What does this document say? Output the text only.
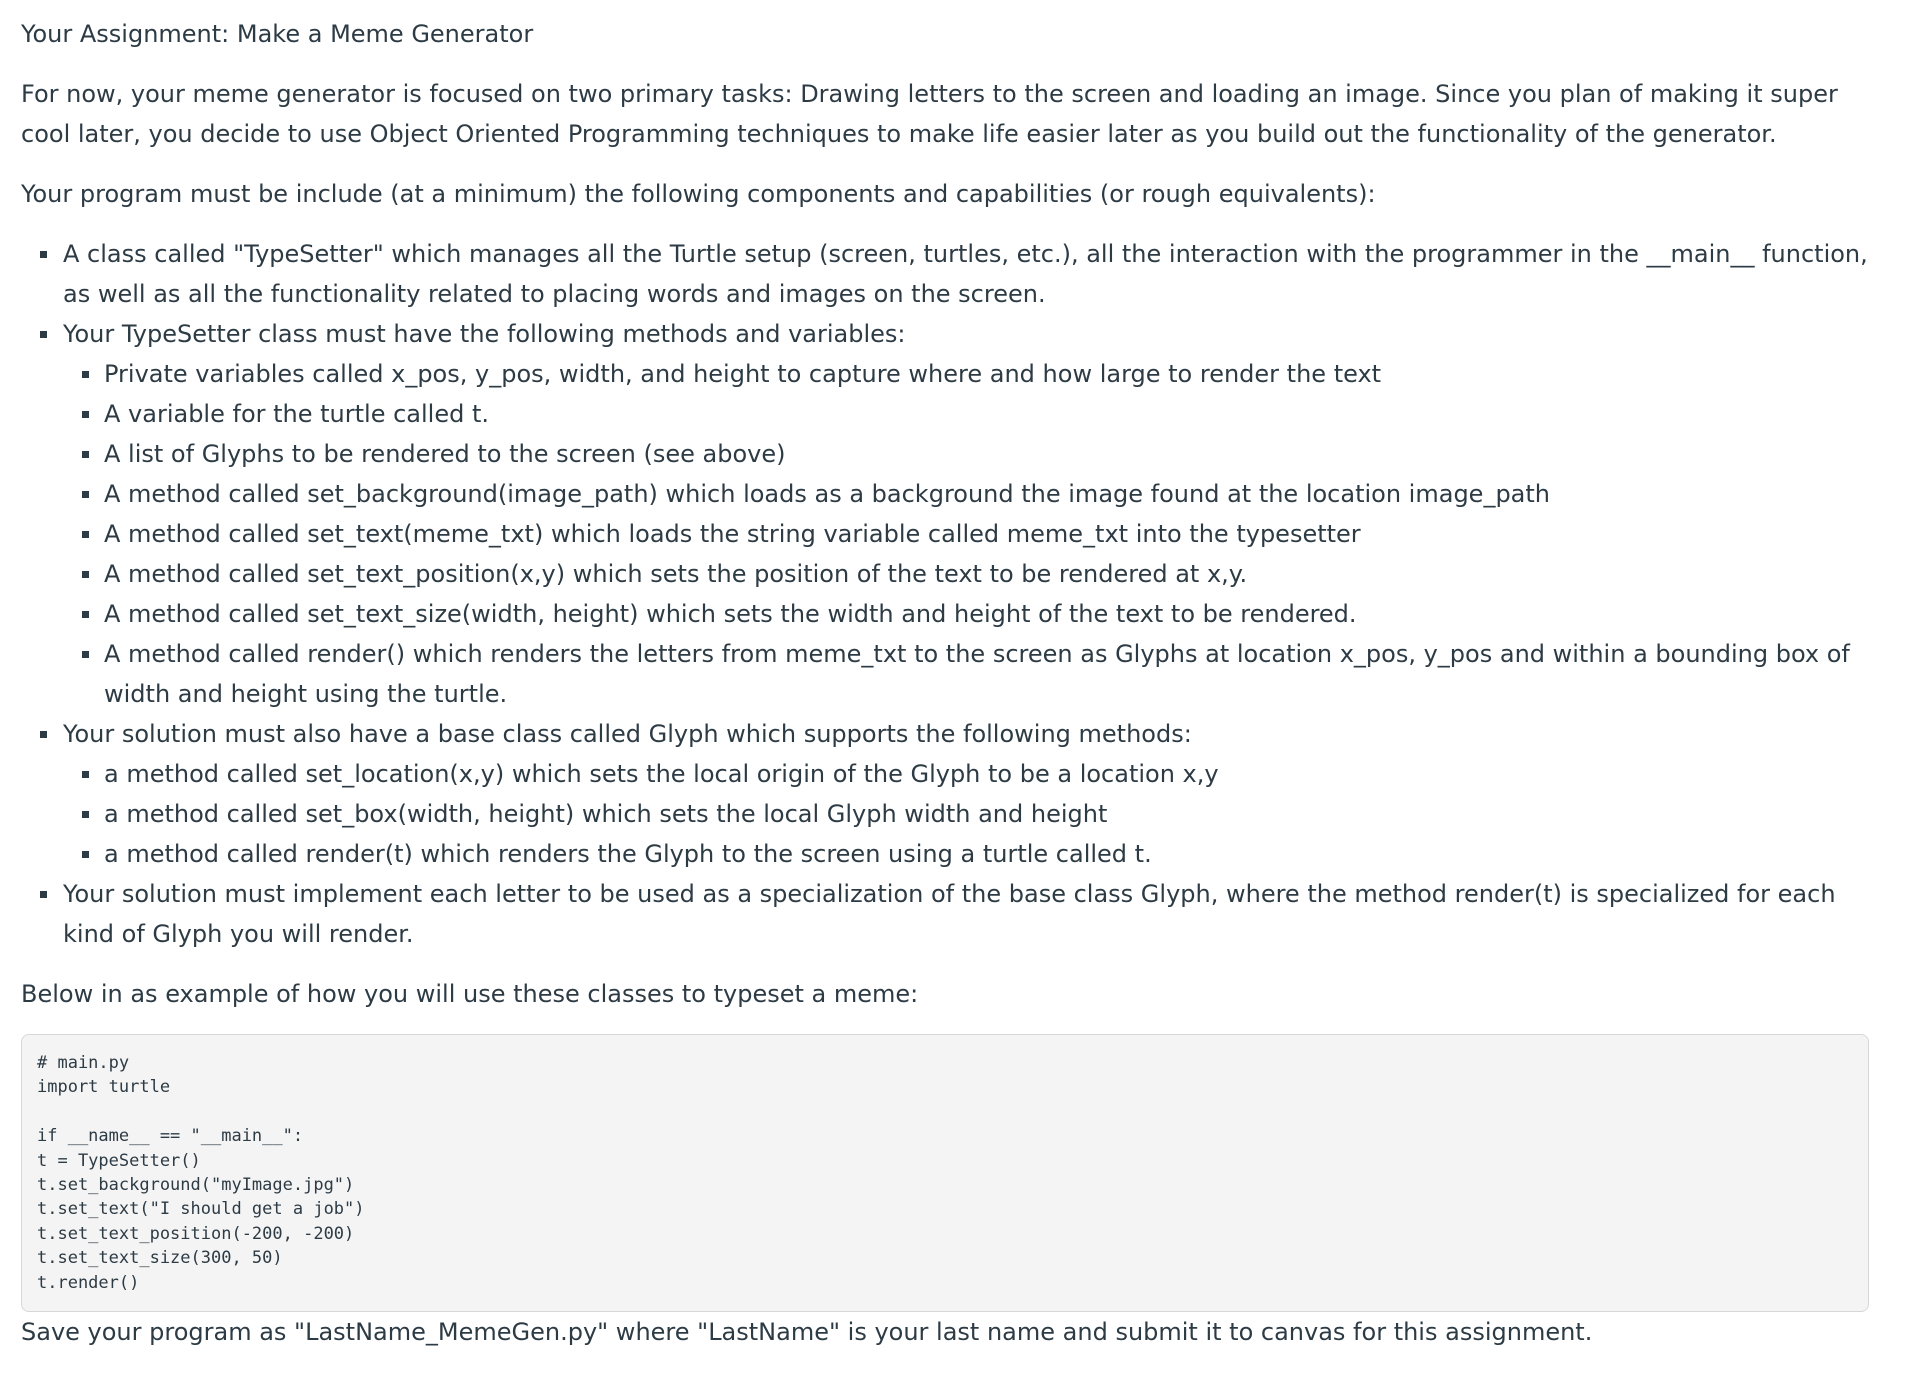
Your Assignment: Make a Meme Generator

For now, your meme generator is focused on two primary tasks: Drawing letters to the screen and loading an image. Since you plan of making it super cool later, you decide to use Object Oriented Programming techniques to make life easier later as you build out the functionality of the generator.

Your program must be include (at a minimum) the following components and capabilities (or rough equivalents):

A class called "TypeSetter" which manages all the Turtle setup (screen, turtles, etc.), all the interaction with the programmer in the __main__ function, as well as all the functionality related to placing words and images on the screen.
Your TypeSetter class must have the following methods and variables:
Private variables called x_pos, y_pos, width, and height to capture where and how large to render the text
A variable for the turtle called t.
A list of Glyphs to be rendered to the screen (see above)
A method called set_background(image_path) which loads as a background the image found at the location image_path
A method called set_text(meme_txt) which loads the string variable called meme_txt into the typesetter
A method called set_text_position(x,y) which sets the position of the text to be rendered at x,y.
A method called set_text_size(width, height) which sets the width and height of the text to be rendered.
A method called render() which renders the letters from meme_txt to the screen as Glyphs at location x_pos, y_pos and within a bounding box of width and height using the turtle.
Your solution must also have a base class called Glyph which supports the following methods:
a method called set_location(x,y) which sets the local origin of the Glyph to be a location x,y
a method called set_box(width, height) which sets the local Glyph width and height
a method called render(t) which renders the Glyph to the screen using a turtle called t.
Your solution must implement each letter to be used as a specialization of the base class Glyph, where the method render(t) is specialized for each kind of Glyph you will render.

Below in as example of how you will use these classes to typeset a meme:

# main.py
import turtle
if __name__ == "__main__":
t = TypeSetter()
t.set_background("myImage.jpg")
t.set_text("I should get a job")
t.set_text_position(-200, -200)
t.set_text_size(300, 50)
t.render()

Save your program as "LastName_MemeGen.py" where "LastName" is your last name and submit it to canvas for this assignment.
